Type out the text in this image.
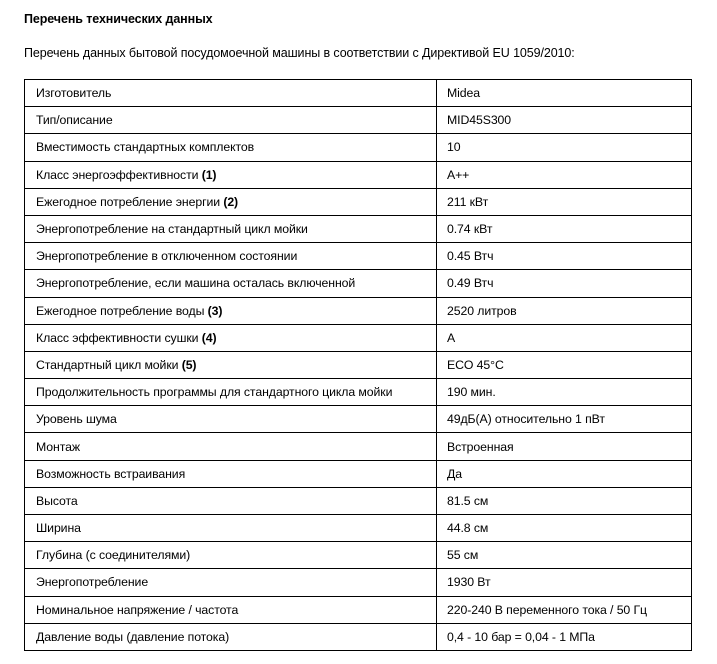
Перечень технических данных
Перечень данных бытовой посудомоечной машины в соответствии с Директивой EU 1059/2010:
Изготовитель	Midea
Тип/описание	MID45S300
Вместимость стандартных комплектов	10
Класс энергоэффективности (1)	A++
Ежегодное потребление энергии (2)	211 кВт
Энергопотребление на стандартный цикл мойки	0.74 кВт
Энергопотребление в отключенном состоянии	0.45 Втч
Энергопотребление, если машина осталась включенной	0.49 Втч
Ежегодное потребление воды (3)	2520 литров
Класс эффективности сушки (4)	A
Стандартный цикл мойки (5)	ECO 45°C
Продолжительность программы для стандартного цикла мойки	190 мин.
Уровень шума	49дБ(A) относительно 1 пВт
Монтаж	Встроенная
Возможность встраивания	Да
Высота	81.5 см
Ширина	44.8 см
Глубина (с соединителями)	55 см
Энергопотребление	1930 Вт
Номинальное напряжение / частота	220-240 В переменного тока / 50 Гц
Давление воды (давление потока)	0,4 - 10 бар = 0,04 - 1 МПа
